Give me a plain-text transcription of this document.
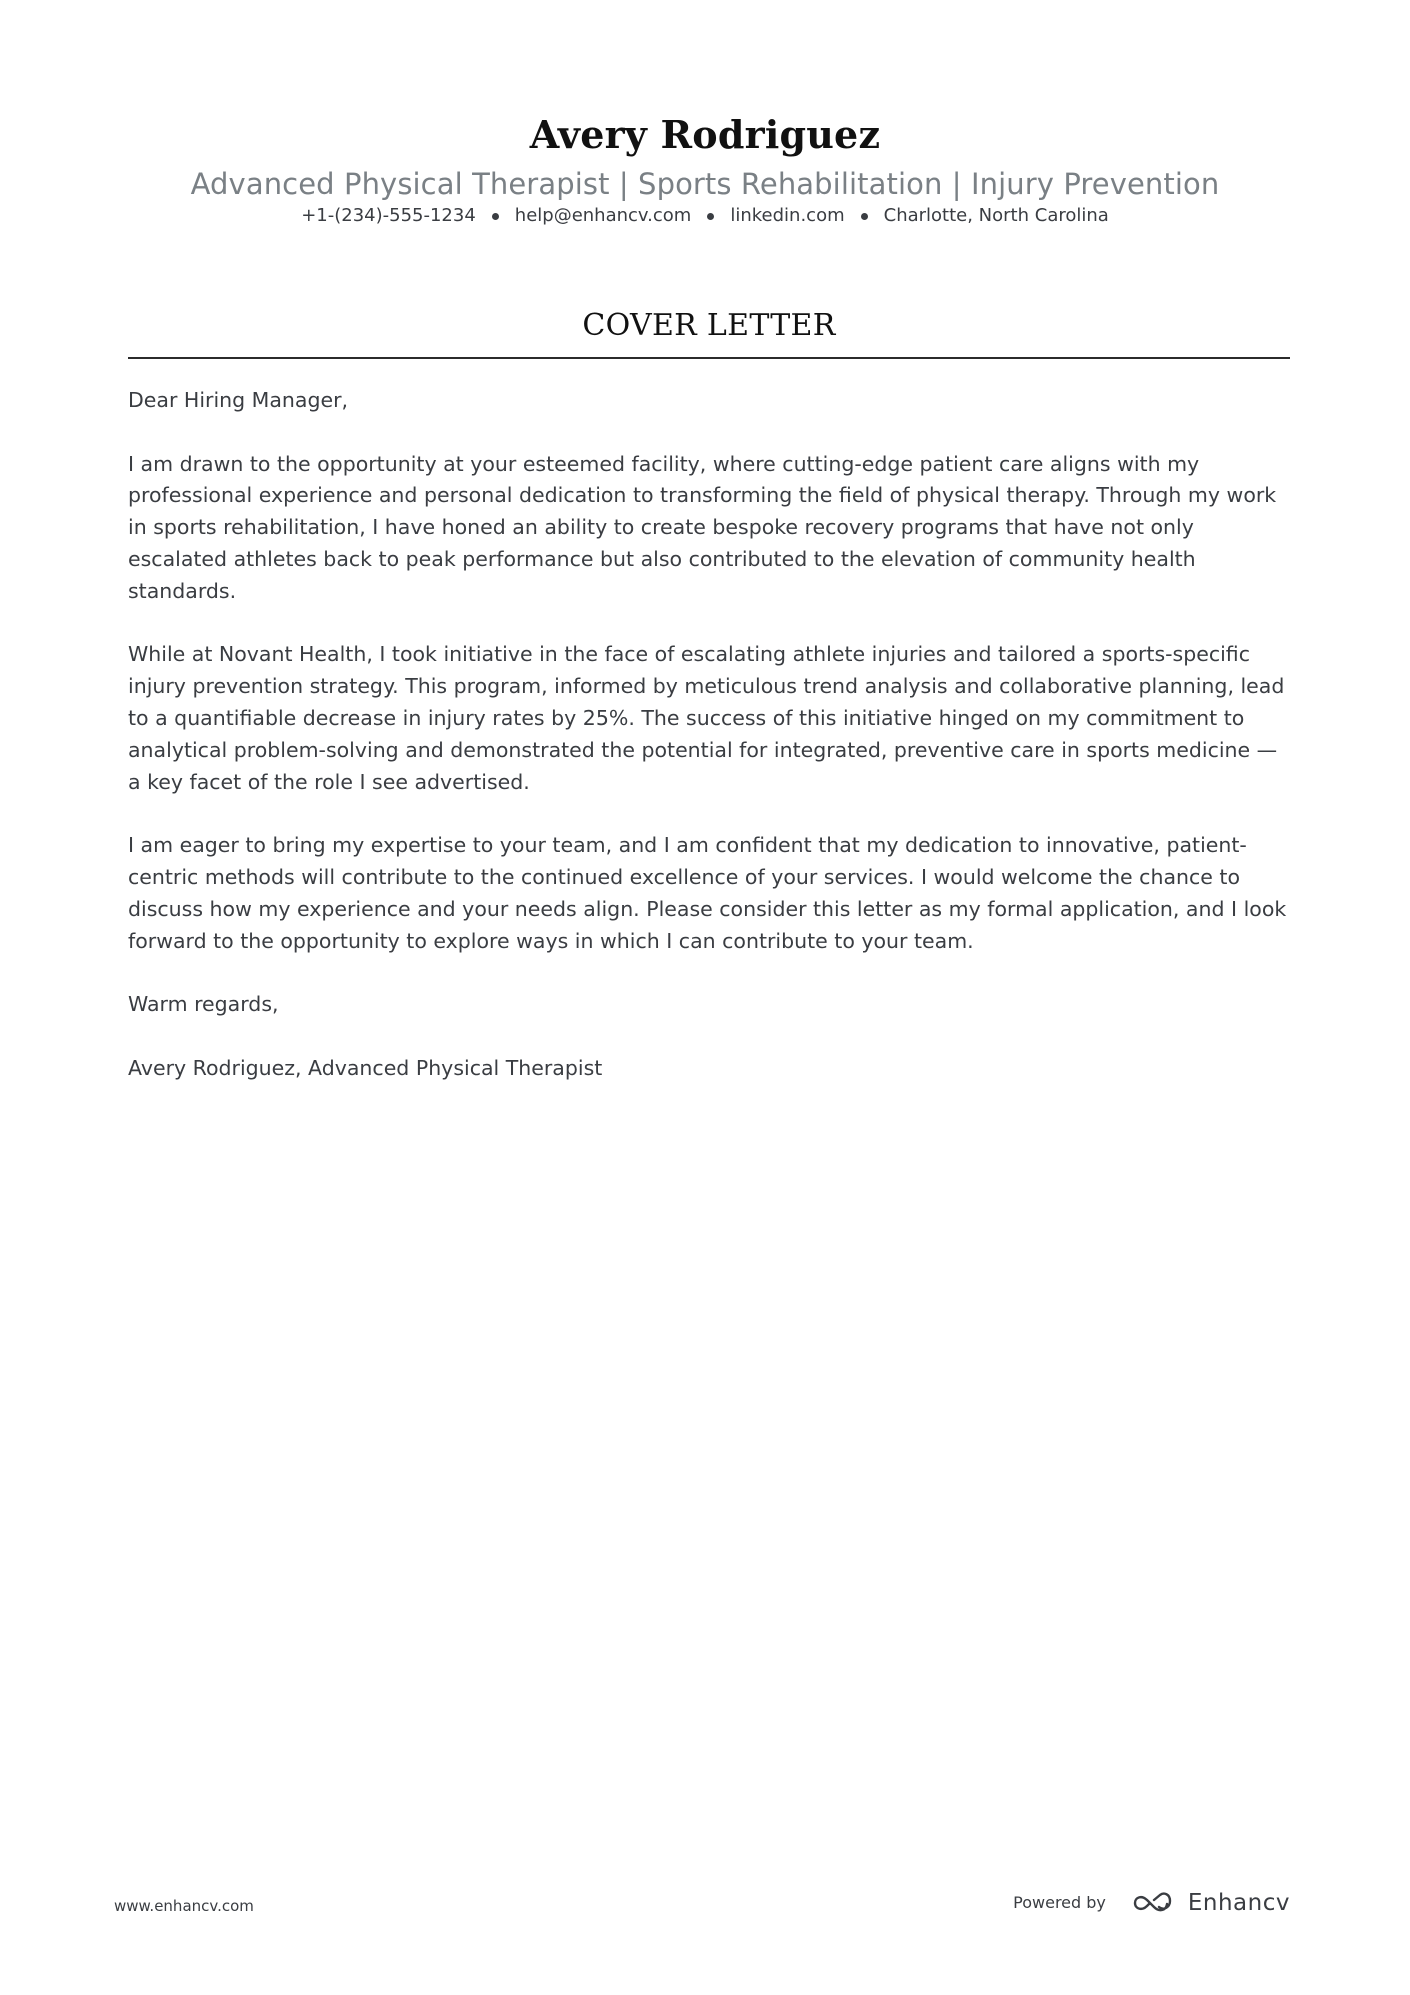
Avery Rodriguez
Advanced Physical Therapist | Sports Rehabilitation | Injury Prevention
+1-(234)-555-1234 help@enhancv.com linkedin.com Charlotte, North Carolina
COVER LETTER

Dear Hiring Manager,

I am drawn to the opportunity at your esteemed facility, where cutting-edge patient care aligns with my professional experience and personal dedication to transforming the field of physical therapy. Through my work in sports rehabilitation, I have honed an ability to create bespoke recovery programs that have not only escalated athletes back to peak performance but also contributed to the elevation of community health standards.

While at Novant Health, I took initiative in the face of escalating athlete injuries and tailored a sports-specific injury prevention strategy. This program, informed by meticulous trend analysis and collaborative planning, lead to a quantifiable decrease in injury rates by 25%. The success of this initiative hinged on my commitment to analytical problem-solving and demonstrated the potential for integrated, preventive care in sports medicine — a key facet of the role I see advertised.

I am eager to bring my expertise to your team, and I am confident that my dedication to innovative, patient-centric methods will contribute to the continued excellence of your services. I would welcome the chance to discuss how my experience and your needs align. Please consider this letter as my formal application, and I look forward to the opportunity to explore ways in which I can contribute to your team.

Warm regards,

Avery Rodriguez, Advanced Physical Therapist

www.enhancv.com	Powered by	Enhancv
